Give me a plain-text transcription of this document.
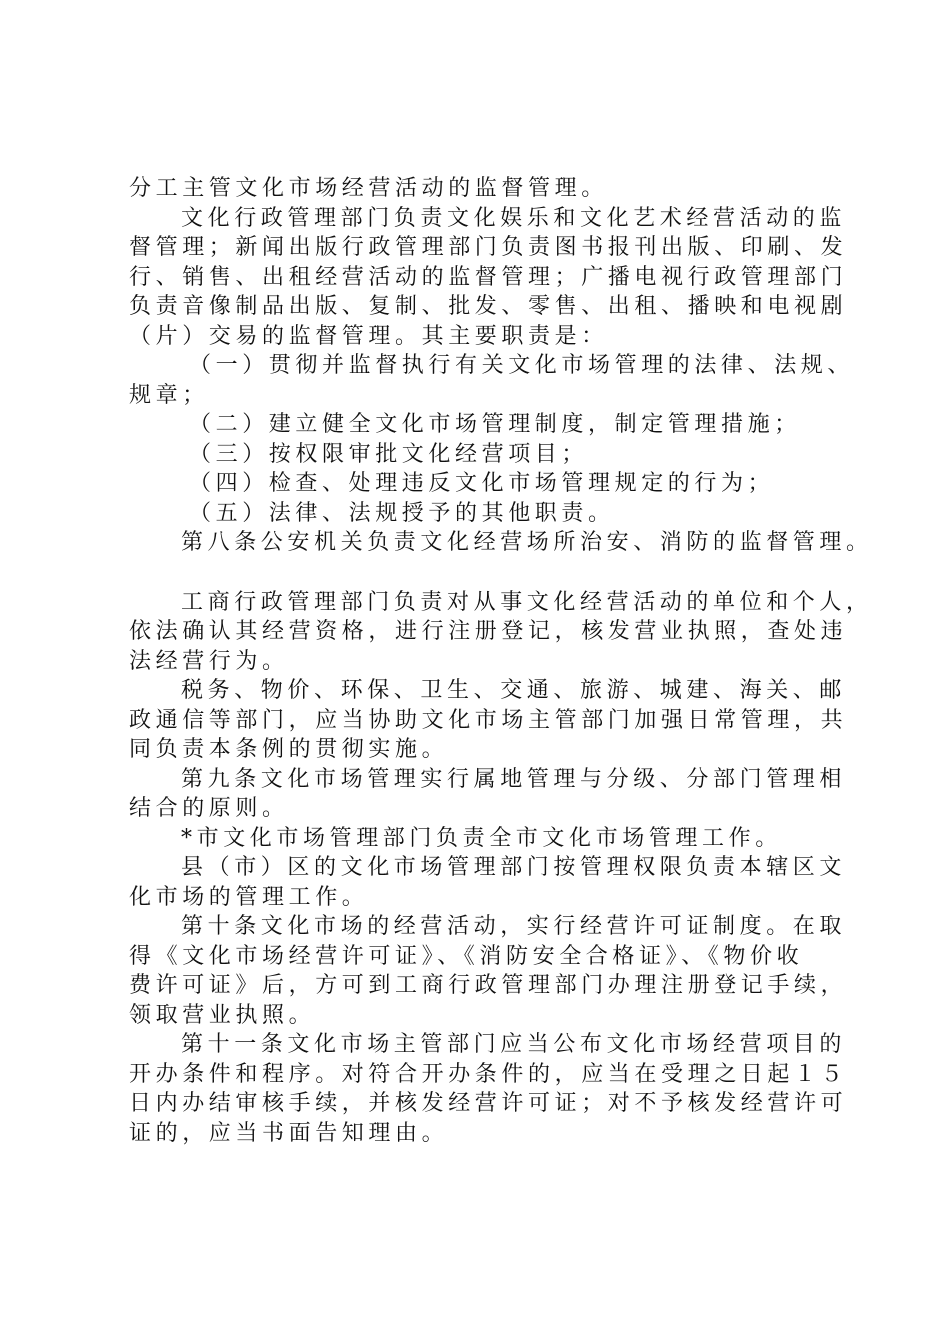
分工主管文化市场经营活动的监督管理。
文化行政管理部门负责文化娱乐和文化艺术经营活动的监
督管理；新闻出版行政管理部门负责图书报刊出版、印刷、发
行、销售、出租经营活动的监督管理；广播电视行政管理部门
负责音像制品出版、复制、批发、零售、出租、播映和电视剧
（片）交易的监督管理。其主要职责是：
（一）贯彻并监督执行有关文化市场管理的法律、法规、
规章；
（二）建立健全文化市场管理制度，制定管理措施；
（三）按权限审批文化经营项目；
（四）检查、处理违反文化市场管理规定的行为；
（五）法律、法规授予的其他职责。
第八条公安机关负责文化经营场所治安、消防的监督管理。
工商行政管理部门负责对从事文化经营活动的单位和个人，
依法确认其经营资格，进行注册登记，核发营业执照，查处违
法经营行为。
税务、物价、环保、卫生、交通、旅游、城建、海关、邮
政通信等部门，应当协助文化市场主管部门加强日常管理，共
同负责本条例的贯彻实施。
第九条文化市场管理实行属地管理与分级、分部门管理相
结合的原则。
*市文化市场管理部门负责全市文化市场管理工作。
县（市）区的文化市场管理部门按管理权限负责本辖区文
化市场的管理工作。
第十条文化市场的经营活动，实行经营许可证制度。在取
得《文化市场经营许可证》、《消防安全合格证》、《物价收
费许可证》后，方可到工商行政管理部门办理注册登记手续，
领取营业执照。
第十一条文化市场主管部门应当公布文化市场经营项目的
开办条件和程序。对符合开办条件的，应当在受理之日起１５
日内办结审核手续，并核发经营许可证；对不予核发经营许可
证的，应当书面告知理由。
